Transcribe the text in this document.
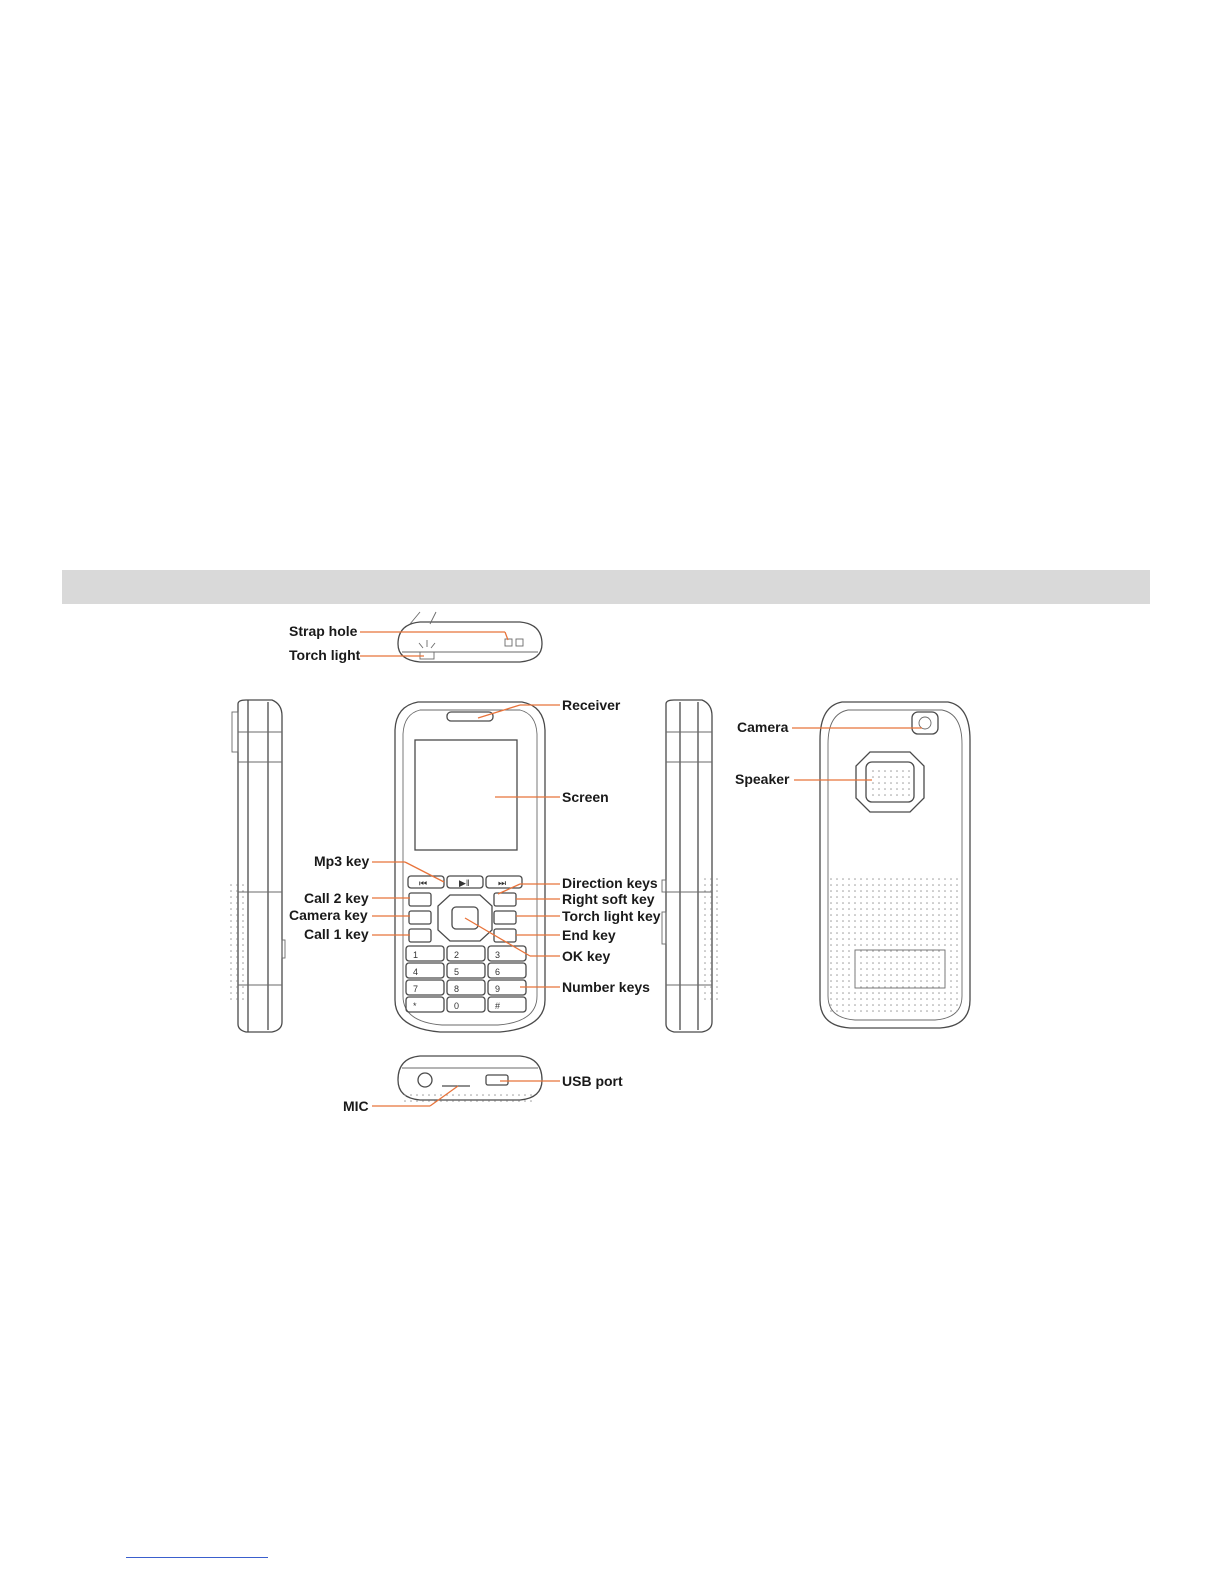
⏮	▶‖	⏭
1	2	3
4	5	6
7	8	9
*	0	#
Strap hole
Torch light
Receiver
Screen
Mp3 key
Direction keys
Call 2 key	Right soft key
Camera key	Torch light key
Call 1 key	End key
OK key
Number keys
USB port
MIC
Camera
Speaker
